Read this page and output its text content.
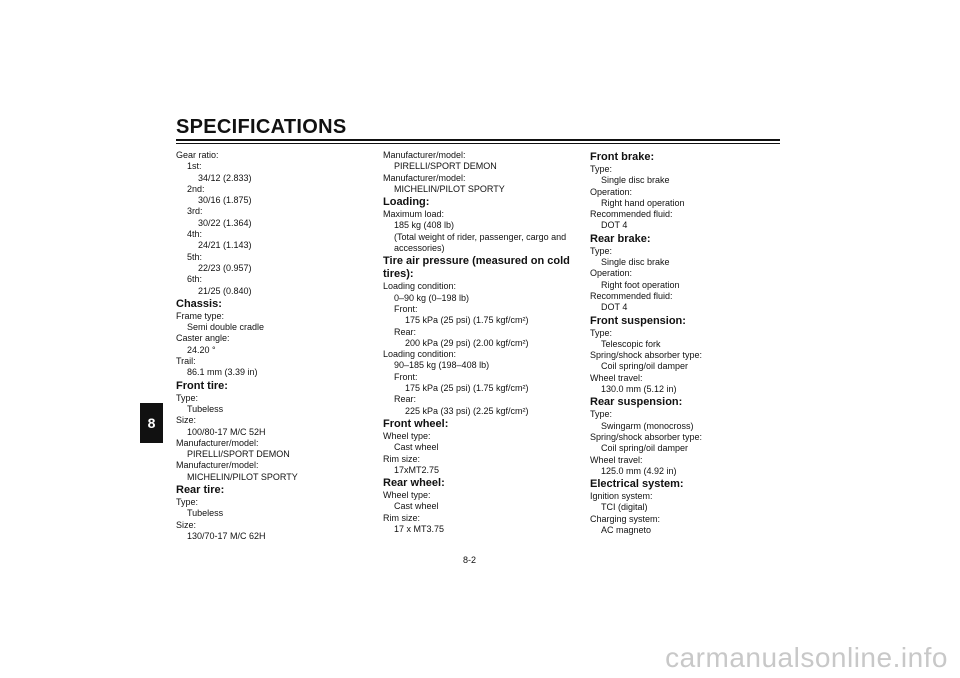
SPECIFICATIONS
8
Gear ratio:
1st:
34/12 (2.833)
2nd:
30/16 (1.875)
3rd:
30/22 (1.364)
4th:
24/21 (1.143)
5th:
22/23 (0.957)
6th:
21/25 (0.840)
Chassis:
Frame type:
Semi double cradle
Caster angle:
24.20 °
Trail:
86.1 mm (3.39 in)
Front tire:
Type:
Tubeless
Size:
100/80-17 M/C 52H
Manufacturer/model:
PIRELLI/SPORT DEMON
Manufacturer/model:
MICHELIN/PILOT SPORTY
Rear tire:
Type:
Tubeless
Size:
130/70-17 M/C 62H
Manufacturer/model:
PIRELLI/SPORT DEMON
Manufacturer/model:
MICHELIN/PILOT SPORTY
Loading:
Maximum load:
185 kg (408 lb)
(Total weight of rider, passenger, cargo and accessories)
Tire air pressure (measured on cold tires):
Loading condition:
0–90 kg (0–198 lb)
Front:
175 kPa (25 psi) (1.75 kgf/cm²)
Rear:
200 kPa (29 psi) (2.00 kgf/cm²)
Loading condition:
90–185 kg (198–408 lb)
Front:
175 kPa (25 psi) (1.75 kgf/cm²)
Rear:
225 kPa (33 psi) (2.25 kgf/cm²)
Front wheel:
Wheel type:
Cast wheel
Rim size:
17xMT2.75
Rear wheel:
Wheel type:
Cast wheel
Rim size:
17 x MT3.75
Front brake:
Type:
Single disc brake
Operation:
Right hand operation
Recommended fluid:
DOT 4
Rear brake:
Type:
Single disc brake
Operation:
Right foot operation
Recommended fluid:
DOT 4
Front suspension:
Type:
Telescopic fork
Spring/shock absorber type:
Coil spring/oil damper
Wheel travel:
130.0 mm (5.12 in)
Rear suspension:
Type:
Swingarm (monocross)
Spring/shock absorber type:
Coil spring/oil damper
Wheel travel:
125.0 mm (4.92 in)
Electrical system:
Ignition system:
TCI (digital)
Charging system:
AC magneto
8-2
carmanualsonline.info
